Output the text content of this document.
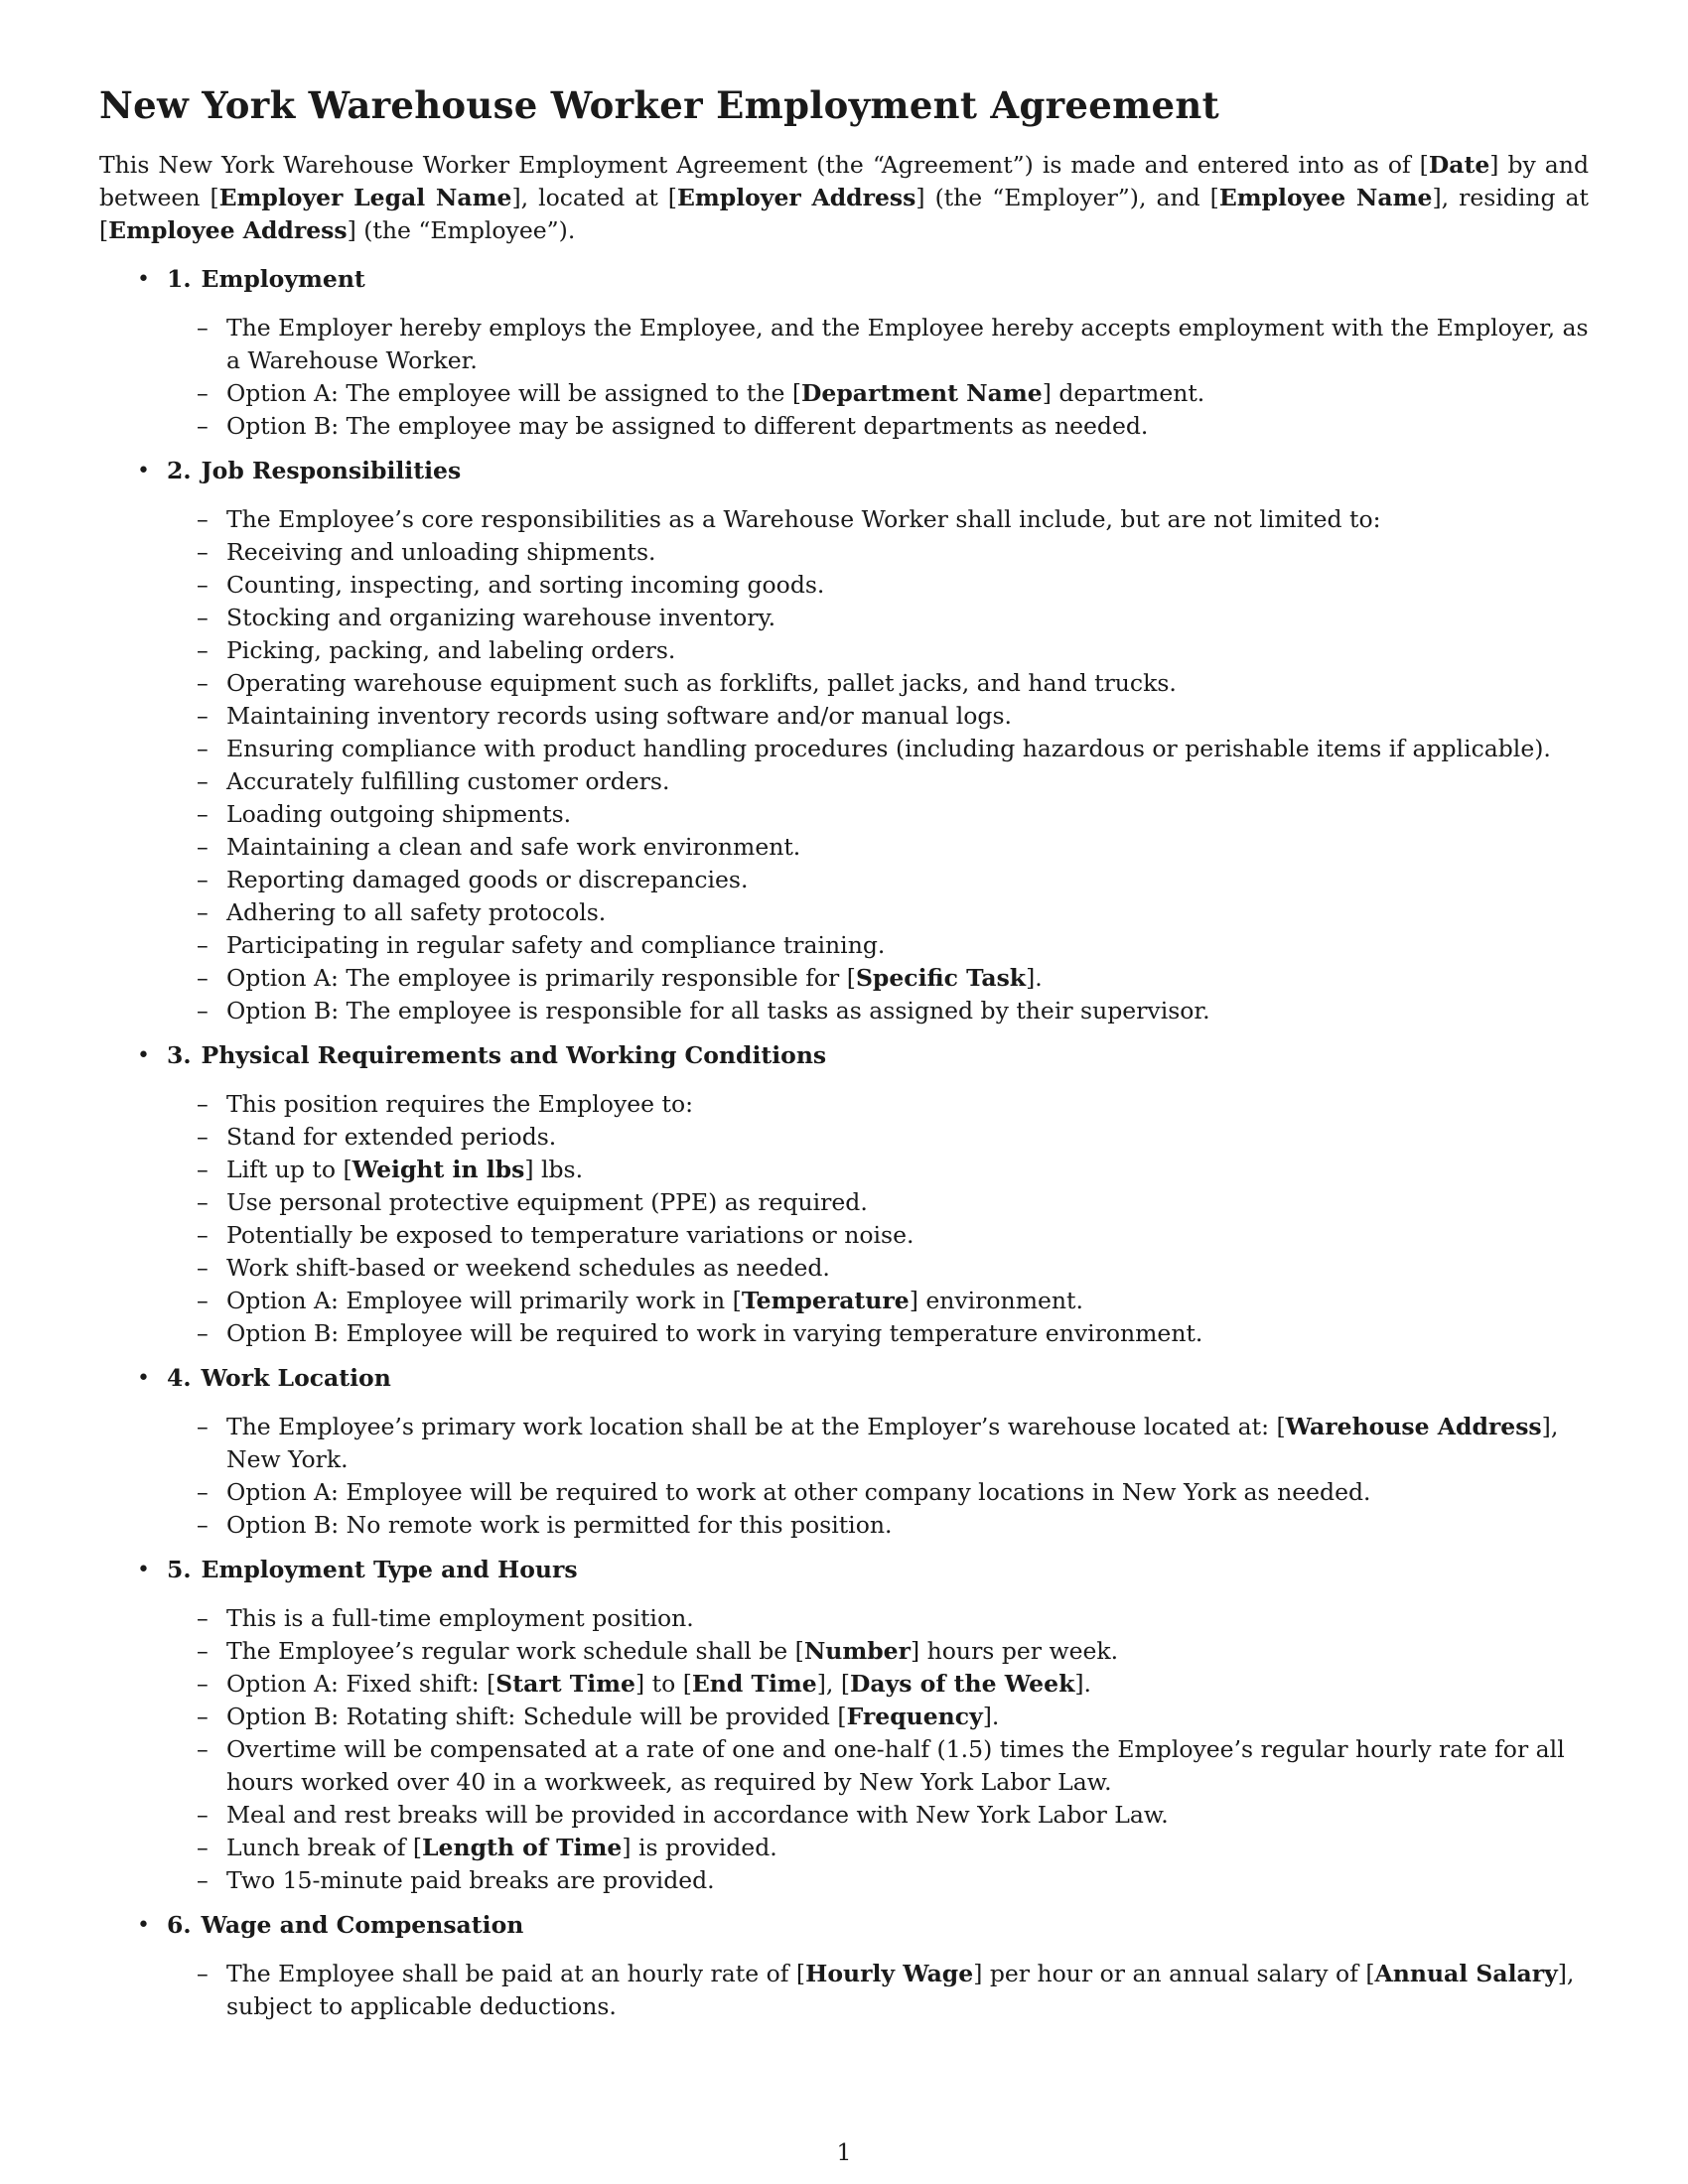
New York Warehouse Worker Employment Agreement

This New York Warehouse Worker Employment Agreement (the “Agreement”) is made and entered into as of [Date] by and between [Employer Legal Name], located at [Employer Address] (the “Employer”), and [Employee Name], residing at [Employee Address] (the “Employee”).

• 1. Employment
– The Employer hereby employs the Employee, and the Employee hereby accepts employment with the Employer, as a Warehouse Worker.
– Option A: The employee will be assigned to the [Department Name] department.
– Option B: The employee may be assigned to different departments as needed.
• 2. Job Responsibilities
– The Employee’s core responsibilities as a Warehouse Worker shall include, but are not limited to:
– Receiving and unloading shipments.
– Counting, inspecting, and sorting incoming goods.
– Stocking and organizing warehouse inventory.
– Picking, packing, and labeling orders.
– Operating warehouse equipment such as forklifts, pallet jacks, and hand trucks.
– Maintaining inventory records using software and/or manual logs.
– Ensuring compliance with product handling procedures (including hazardous or perishable items if applicable).
– Accurately fulfilling customer orders.
– Loading outgoing shipments.
– Maintaining a clean and safe work environment.
– Reporting damaged goods or discrepancies.
– Adhering to all safety protocols.
– Participating in regular safety and compliance training.
– Option A: The employee is primarily responsible for [Specific Task].
– Option B: The employee is responsible for all tasks as assigned by their supervisor.
• 3. Physical Requirements and Working Conditions
– This position requires the Employee to:
– Stand for extended periods.
– Lift up to [Weight in lbs] lbs.
– Use personal protective equipment (PPE) as required.
– Potentially be exposed to temperature variations or noise.
– Work shift-based or weekend schedules as needed.
– Option A: Employee will primarily work in [Temperature] environment.
– Option B: Employee will be required to work in varying temperature environment.
• 4. Work Location
– The Employee’s primary work location shall be at the Employer’s warehouse located at: [Warehouse Address], New York.
– Option A: Employee will be required to work at other company locations in New York as needed.
– Option B: No remote work is permitted for this position.
• 5. Employment Type and Hours
– This is a full-time employment position.
– The Employee’s regular work schedule shall be [Number] hours per week.
– Option A: Fixed shift: [Start Time] to [End Time], [Days of the Week].
– Option B: Rotating shift: Schedule will be provided [Frequency].
– Overtime will be compensated at a rate of one and one-half (1.5) times the Employee’s regular hourly rate for all hours worked over 40 in a workweek, as required by New York Labor Law.
– Meal and rest breaks will be provided in accordance with New York Labor Law.
– Lunch break of [Length of Time] is provided.
– Two 15-minute paid breaks are provided.
• 6. Wage and Compensation
– The Employee shall be paid at an hourly rate of [Hourly Wage] per hour or an annual salary of [Annual Salary], subject to applicable deductions.
1
